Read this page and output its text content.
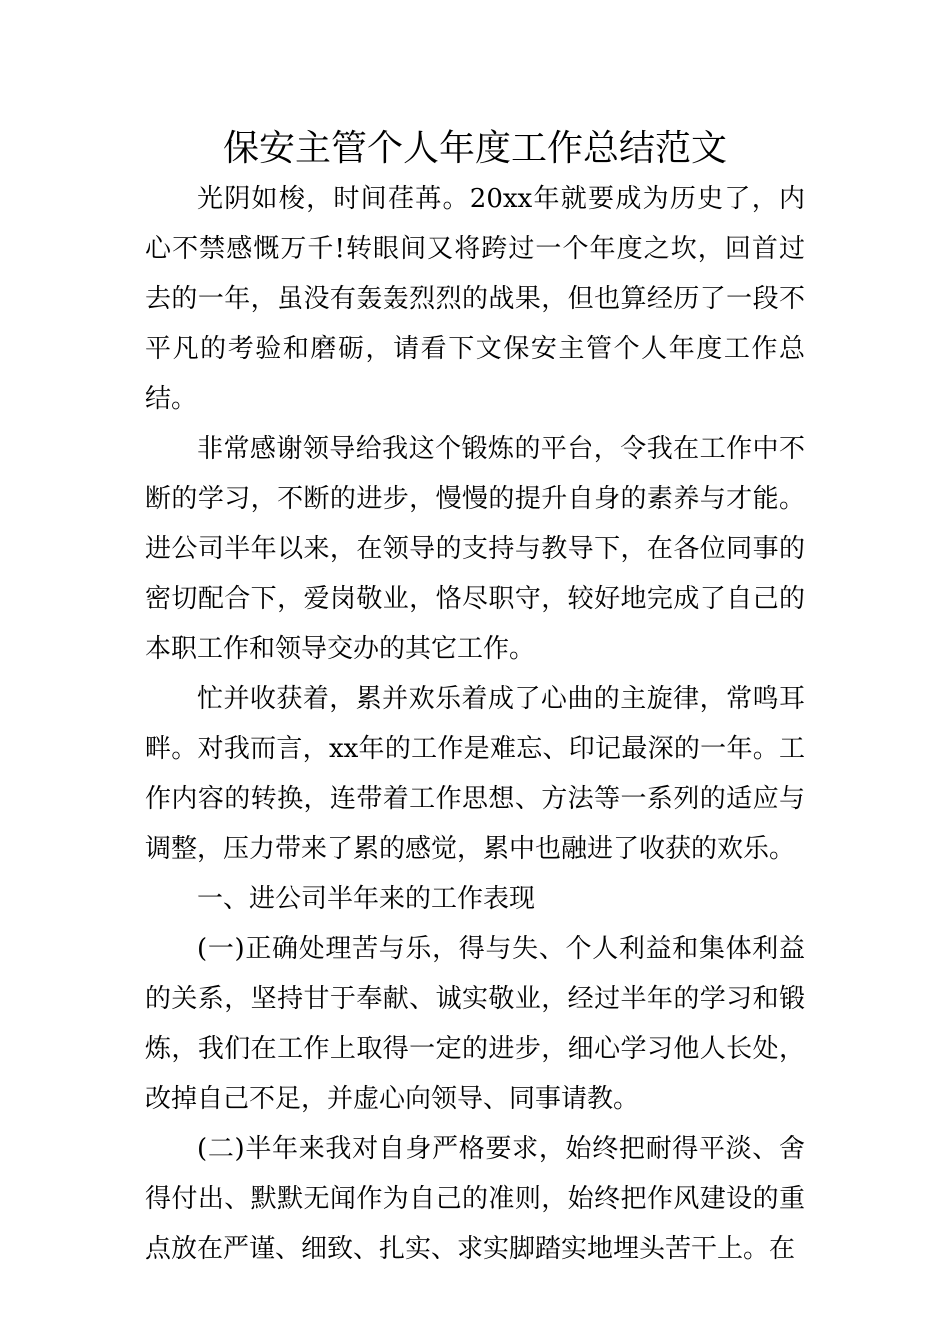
保安主管个人年度工作总结范文

光阴如梭，时间荏苒。20xx年就要成为历史了，内心不禁感慨万千!转眼间又将跨过一个年度之坎，回首过去的一年，虽没有轰轰烈烈的战果，但也算经历了一段不平凡的考验和磨砺，请看下文保安主管个人年度工作总结。

非常感谢领导给我这个锻炼的平台，令我在工作中不断的学习，不断的进步，慢慢的提升自身的素养与才能。进公司半年以来，在领导的支持与教导下，在各位同事的密切配合下，爱岗敬业，恪尽职守，较好地完成了自己的本职工作和领导交办的其它工作。

忙并收获着，累并欢乐着成了心曲的主旋律，常鸣耳畔。对我而言，xx年的工作是难忘、印记最深的一年。工作内容的转换，连带着工作思想、方法等一系列的适应与调整，压力带来了累的感觉，累中也融进了收获的欢乐。

一、进公司半年来的工作表现

(一)正确处理苦与乐，得与失、个人利益和集体利益的关系，坚持甘于奉献、诚实敬业，经过半年的学习和锻炼，我们在工作上取得一定的进步，细心学习他人长处，改掉自己不足，并虚心向领导、同事请教。

(二)半年来我对自身严格要求，始终把耐得平淡、舍得付出、默默无闻作为自己的准则，始终把作风建设的重点放在严谨、细致、扎实、求实脚踏实地埋头苦干上。在
